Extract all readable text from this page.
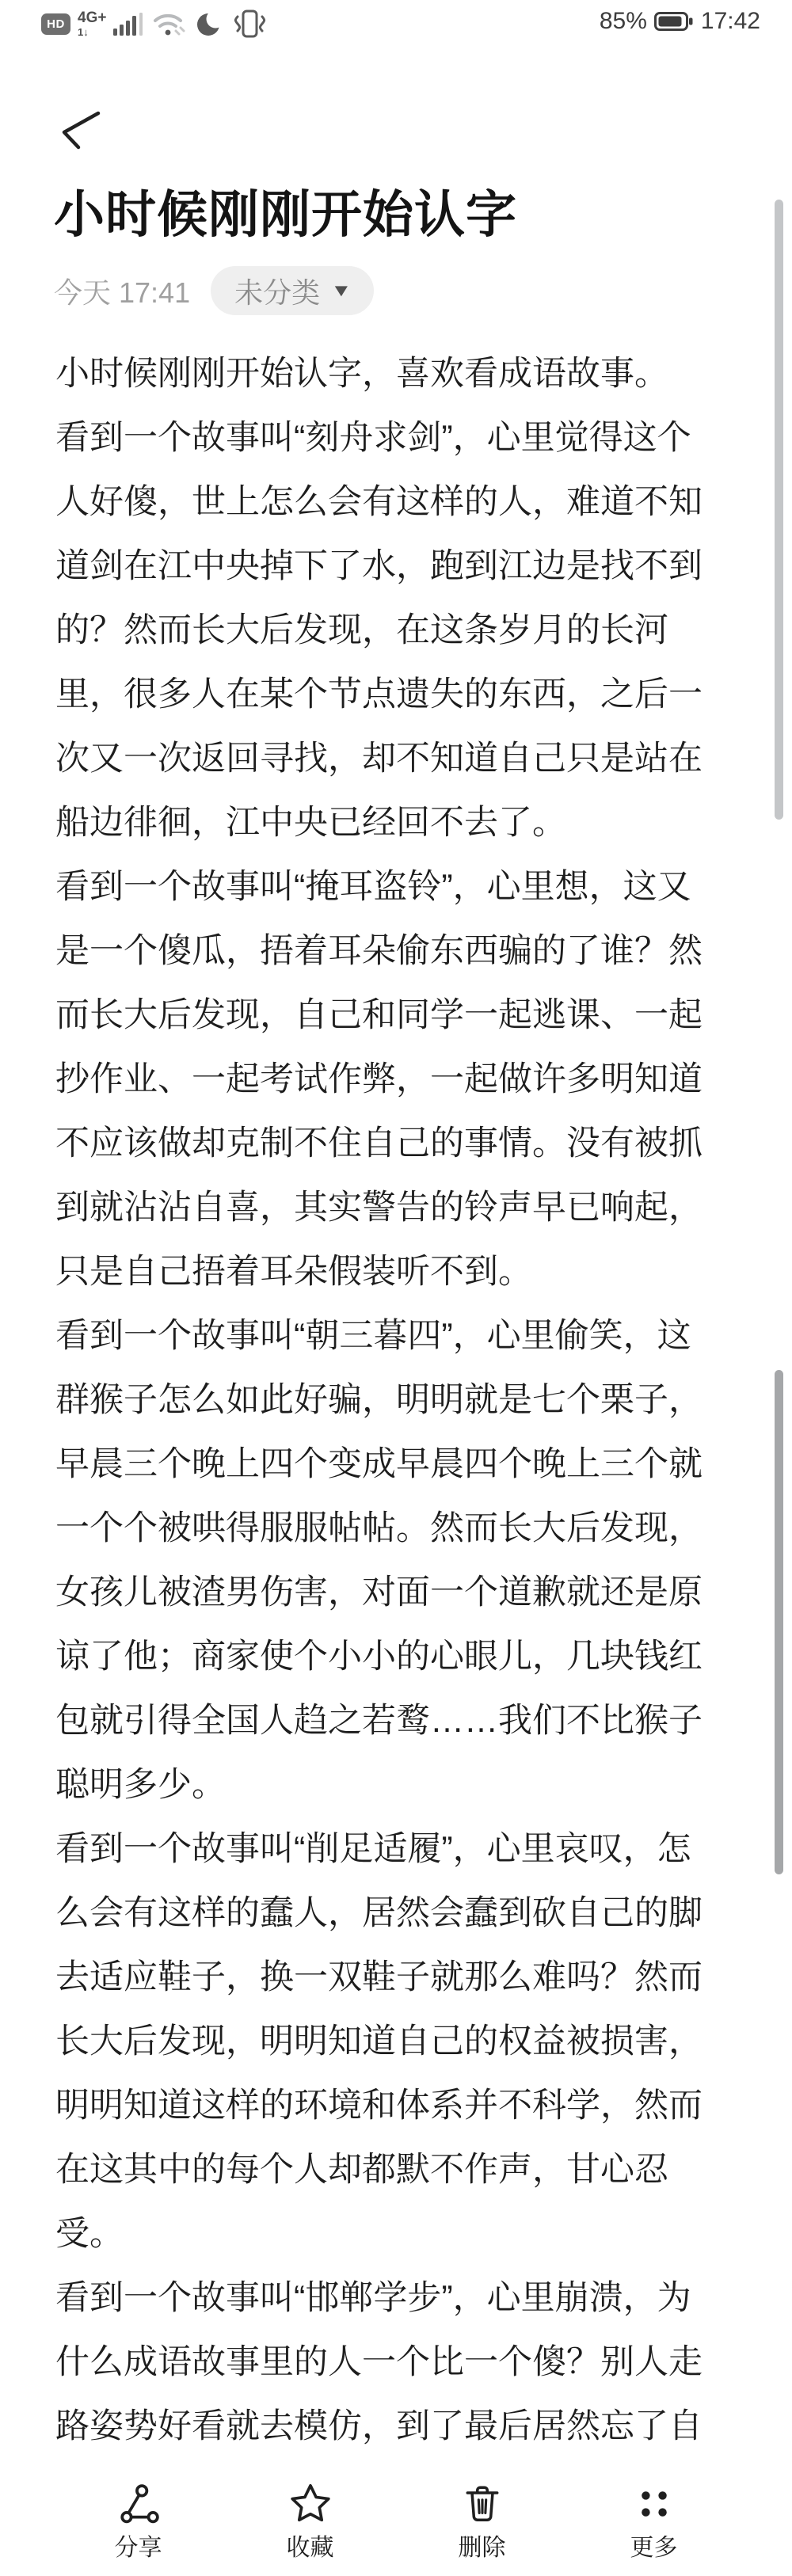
HD 4G+
1↓	85% 17:42
小时候刚刚开始认字
今天 17:41 未分类 ▼
小时候刚刚开始认字，喜欢看成语故事。
看到一个故事叫“刻舟求剑”，心里觉得这个
人好傻，世上怎么会有这样的人，难道不知
道剑在江中央掉下了水，跑到江边是找不到
的？然而长大后发现，在这条岁月的长河
里，很多人在某个节点遗失的东西，之后一
次又一次返回寻找，却不知道自己只是站在
船边徘徊，江中央已经回不去了。
看到一个故事叫“掩耳盗铃”，心里想，这又
是一个傻瓜，捂着耳朵偷东西骗的了谁？然
而长大后发现，自己和同学一起逃课、一起
抄作业、一起考试作弊，一起做许多明知道
不应该做却克制不住自己的事情。没有被抓
到就沾沾自喜，其实警告的铃声早已响起，
只是自己捂着耳朵假装听不到。
看到一个故事叫“朝三暮四”，心里偷笑，这
群猴子怎么如此好骗，明明就是七个栗子，
早晨三个晚上四个变成早晨四个晚上三个就
一个个被哄得服服帖帖。然而长大后发现，
女孩儿被渣男伤害，对面一个道歉就还是原
谅了他；商家使个小小的心眼儿，几块钱红
包就引得全国人趋之若鹜……我们不比猴子
聪明多少。
看到一个故事叫“削足适履”，心里哀叹，怎
么会有这样的蠢人，居然会蠢到砍自己的脚
去适应鞋子，换一双鞋子就那么难吗？然而
长大后发现，明明知道自己的权益被损害，
明明知道这样的环境和体系并不科学，然而
在这其中的每个人却都默不作声，甘心忍
受。
看到一个故事叫“邯郸学步”，心里崩溃，为
什么成语故事里的人一个比一个傻？别人走
路姿势好看就去模仿，到了最后居然忘了自
分享	收藏	删除	更多
